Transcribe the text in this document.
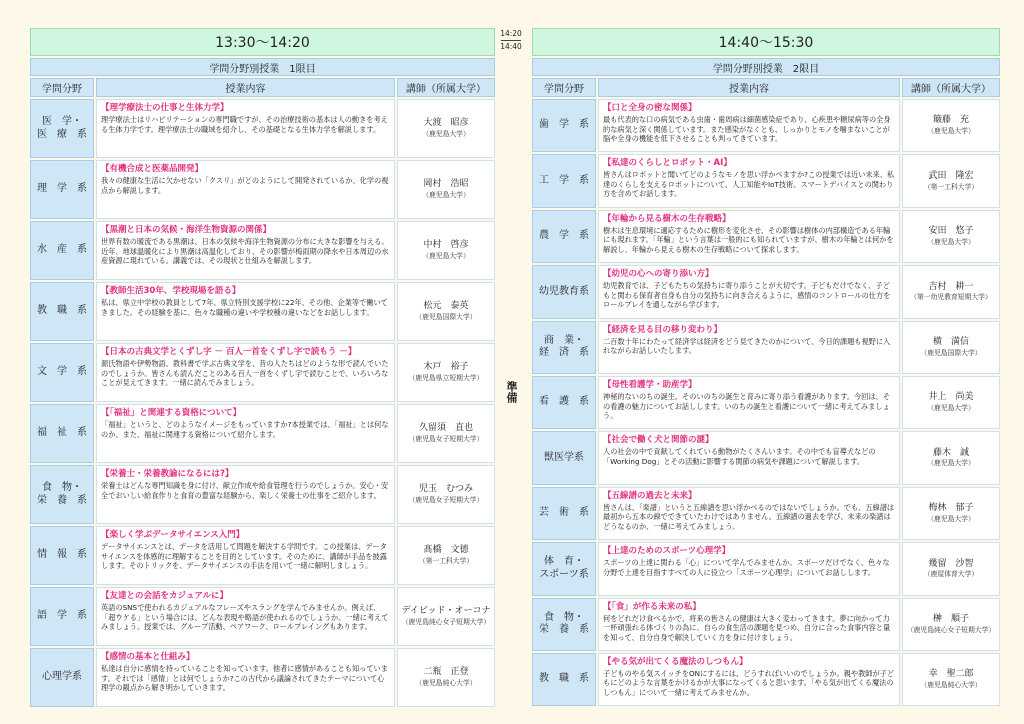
13:30～14:20
学問分野別授業　1限目
学問分野	授業内容	講師（所属大学）
医　学・
医　療　系
【理学療法士の仕事と生体力学】
理学療法士はリハビリテーションの専門職ですが、その治療技術の基本は人の動きを考える生体力学です。理学療法士の職域を紹介し、その基礎となる生体力学を解説します。
大渡　昭彦
（鹿児島大学）
理　学　系
【有機合成と医薬品開発】
我々の健康な生活に欠かせない「クスリ」がどのようにして開発されているか、化学の視点から解説します。
岡村　浩昭
（鹿児島大学）
水　産　系
【黒潮と日本の気候・海洋生物資源の関係】
世界有数の暖流である黒潮は、日本の気候や海洋生物資源の分布に大きな影響を与える。近年、地球温暖化により黒潮は高温化しており、その影響が梅雨期の降水や日本周辺の水産資源に現れている。講義では、その現状と仕組みを解説します。
中村　啓彦
（鹿児島大学）
教　職　系
【教師生活30年、学校現場を語る】
私は、県立中学校の教員として7年、県立特別支援学校に22年、その他、企業等で働いてきました。その経験を基に、色々な職種の違いや学校種の違いなどをお話しします。
松元　泰英
（鹿児島国際大学）
文　学　系
【日本の古典文学とくずし字 － 百人一首をくずし字で読もう －】
源氏物語や伊勢物語、教科書で学ぶ古典文学を、昔の人たちはどのような形で読んでいたのでしょうか。皆さんも読んだことのある百人一首をくずし字で読むことで、いろいろなことが見えてきます。一緒に読んでみましょう。
木戸　裕子
（鹿児島県立短期大学）
福　祉　系
【「福祉」と関連する資格について】
「福祉」というと、どのようなイメージをもっていますか?本授業では、「福祉」とは何なのか、また、福祉に関連する資格について紹介します。
久留須　直也
（鹿児島女子短期大学）
食　物・
栄　養　系
【栄養士・栄養教諭になるには?】
栄養士はどんな専門知識を身に付け、献立作成や給食管理を行うのでしょうか。安心・安全でおいしい給食作りと食育の豊富な経験から、楽しく栄養士の仕事をご紹介します。
児玉　むつみ
（鹿児島女子短期大学）
情　報　系
【楽しく学ぶデータサイエンス入門】
データサイエンスとは、データを活用して問題を解決する学問です。この授業は、データサイエンスを体感的に理解することを目的としています。そのために、講師が手品を披露します。そのトリックを、データサイエンスの手法を用いて一緒に解明しましょう。
髙橋　文德
（第一工科大学）
語　学　系
【友達との会話をカジュアルに】
英語のSNSで使われるカジュアルなフレーズやスラングを学んでみませんか。例えば、「超ウケる」という場合には、どんな表現や略語が使われるのでしょうか。一緒に考えてみましょう。授業では、グループ活動、ペアワーク、ロールプレイングもあります。
デイビッド・オーコナ
（鹿児島純心女子短期大学）
心理学系
【感情の基本と仕組み】
私達は自分に感情を持っていることを知っています。他者に感情があることも知っています。それでは「感情」とは何でしょうか?この古代から議論されてきたテーマについて心理学の観点から解き明かしていきます。
二瓶　正登
（鹿児島純心大学）
14:20
14:40
準備
14:40～15:30
学問分野別授業　2限目
学問分野	授業内容	講師（所属大学）
歯　学　系
【口と全身の密な関係】
最も代表的な口の病気である虫歯・歯周病は細菌感染症であり、心疾患や糖尿病等の全身的な病気と深く関係しています。また感染がなくとも、しっかりとモノを噛まないことが脳や全身の機能を低下させることも判ってきています。
簸藤　充
（鹿児島大学）
工　学　系
【私達のくらしとロボット・AI】
皆さんはロボットと聞いてどのようなモノを思い浮かべますか?この授業では近い未来、私達のくらしを支えるロボットについて、人工知能やIoT技術、スマートデバイスとの関わり方を含めてお話します。
武田　隆宏
（第一工科大学）
農　学　系
【年輪から見る樹木の生存戦略】
樹木は生息環境に適応するために樹形を変化させ、その影響は樹体の内部構造である年輪にも現れます。「年輪」という言葉は一般的にも知られていますが、樹木の年輪とは何かを解説し、年輪から見える樹木の生存戦略について探求します。
安田　悠子
（鹿児島大学）
幼児教育系
【幼児の心への寄り添い方】
幼児教育では、子どもたちの気持ちに寄り添うことが大切です。子どもだけでなく、子どもと関わる保育者自身も自分の気持ちに向き合えるように、感情のコントロールの仕方をロールプレイを通しながら学びます。
吉村　耕一
（第一幼児教育短期大学）
商　業・
経　済　系
【経済を見る目の移り変わり】
二百数十年にわたって経済学は経済をどう見てきたのかについて、今日的課題も視野に入れながらお話しいたします。
横　満信
（鹿児島国際大学）
看　護　系
【母性看護学・助産学】
神秘的ないのちの誕生。そのいのちの誕生と育みに寄り添う看護があります。今回は、その看護の魅力についてお話しします。いのちの誕生と看護について一緒に考えてみましょう。
井上　尚美
（鹿児島大学）
獣医学系
【社会で働く犬と関節の謎】
人の社会の中で貢献してくれている動物がたくさんいます。その中でも盲導犬などの「Working Dog」とその活動に影響する関節の病気や課題について解説します。
藤木　誠
（鹿児島大学）
芸　術　系
【五線譜の過去と未来】
皆さんは、「楽譜」というと五線譜を思い浮かべるのではないでしょうか。でも、五線譜は最初から五本の線でできていたわけではありません。五線譜の過去を学び、未来の楽譜はどうなるのか、一緒に考えてみましょう。
梅林　郁子
（鹿児島大学）
体　育・
スポーツ系
【上達のためのスポーツ心理学】
スポーツの上達に関わる「心」について学んでみませんか。スポーツだけでなく、色々な分野で上達を目指すすべての人に役立つ「スポーツ心理学」についてお話しします。
幾留　沙智
（鹿屋体育大学）
食　物・
栄　養　系
【「食」が作る未来の私】
何をどれだけ食べるかで、将来の皆さんの健康は大きく変わってきます。夢に向かって力一杯頑張れる体づくりの為に、自らの食生活の課題を見つめ、自分に合った食事内容と量を知って、自分自身で解決していく力を身に付けましょう。
榊　順子
（鹿児島純心女子短期大学）
教　職　系
【やる気が出てくる魔法のしつもん】
子どものやる気スイッチをONにするには、どうすればいいのでしょうか。親や教師が子どもにどのような言葉をかけるかが大事になってくると思います。「やる気が出てくる魔法のしつもん」について一緒に考えてみませんか。
幸　聖二郎
（鹿児島純心大学）
